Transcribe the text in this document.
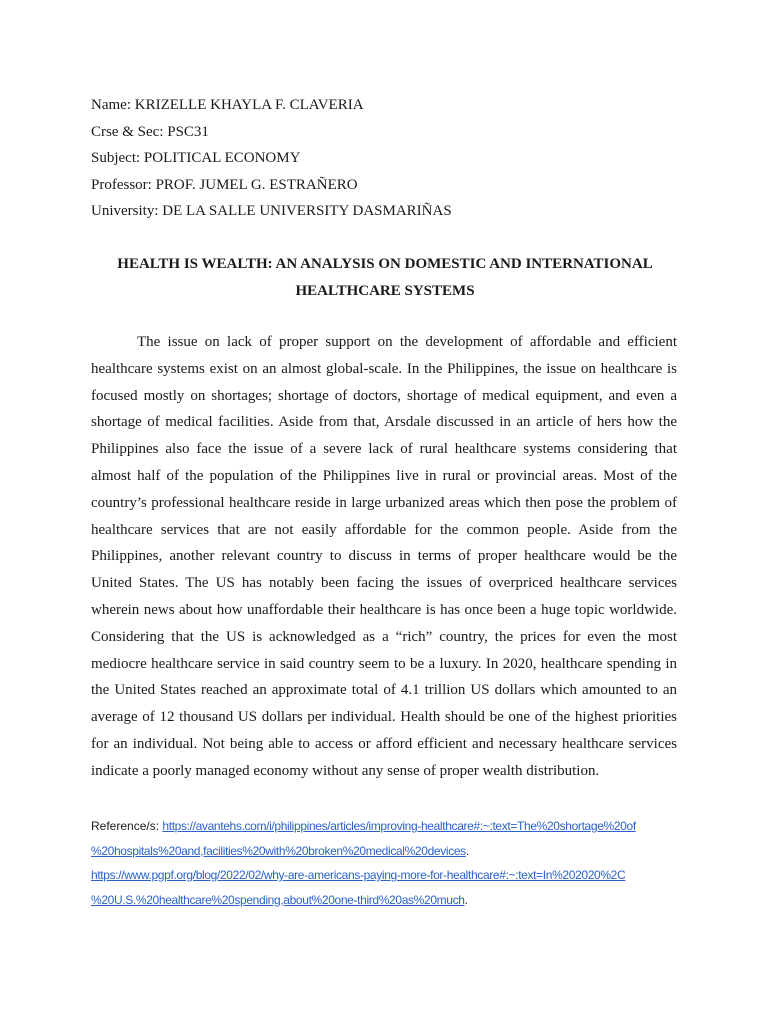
Name: KRIZELLE KHAYLA F. CLAVERIA
Crse & Sec: PSC31
Subject: POLITICAL ECONOMY
Professor: PROF. JUMEL G. ESTRAÑERO
University: DE LA SALLE UNIVERSITY DASMARIÑAS
HEALTH IS WEALTH: AN ANALYSIS ON DOMESTIC AND INTERNATIONAL
HEALTHCARE SYSTEMS

The issue on lack of proper support on the development of affordable and efficient healthcare systems exist on an almost global-scale. In the Philippines, the issue on healthcare is focused mostly on shortages; shortage of doctors, shortage of medical equipment, and even a shortage of medical facilities. Aside from that, Arsdale discussed in an article of hers how the Philippines also face the issue of a severe lack of rural healthcare systems considering that almost half of the population of the Philippines live in rural or provincial areas. Most of the country’s professional healthcare reside in large urbanized areas which then pose the problem of healthcare services that are not easily affordable for the common people. Aside from the Philippines, another relevant country to discuss in terms of proper healthcare would be the United States. The US has notably been facing the issues of overpriced healthcare services wherein news about how unaffordable their healthcare is has once been a huge topic worldwide. Considering that the US is acknowledged as a “rich” country, the prices for even the most mediocre healthcare service in said country seem to be a luxury. In 2020, healthcare spending in the United States reached an approximate total of 4.1 trillion US dollars which amounted to an average of 12 thousand US dollars per individual. Health should be one of the highest priorities for an individual. Not being able to access or afford efficient and necessary healthcare services indicate a poorly managed economy without any sense of proper wealth distribution.

Reference/s: https://avantehs.com/i/philippines/articles/improving-healthcare#:~:text=The%20shortage%20of
%20hospitals%20and,facilities%20with%20broken%20medical%20devices.
https://www.pgpf.org/blog/2022/02/why-are-americans-paying-more-for-healthcare#:~:text=In%202020%2C
%20U.S.%20healthcare%20spending,about%20one-third%20as%20much.
